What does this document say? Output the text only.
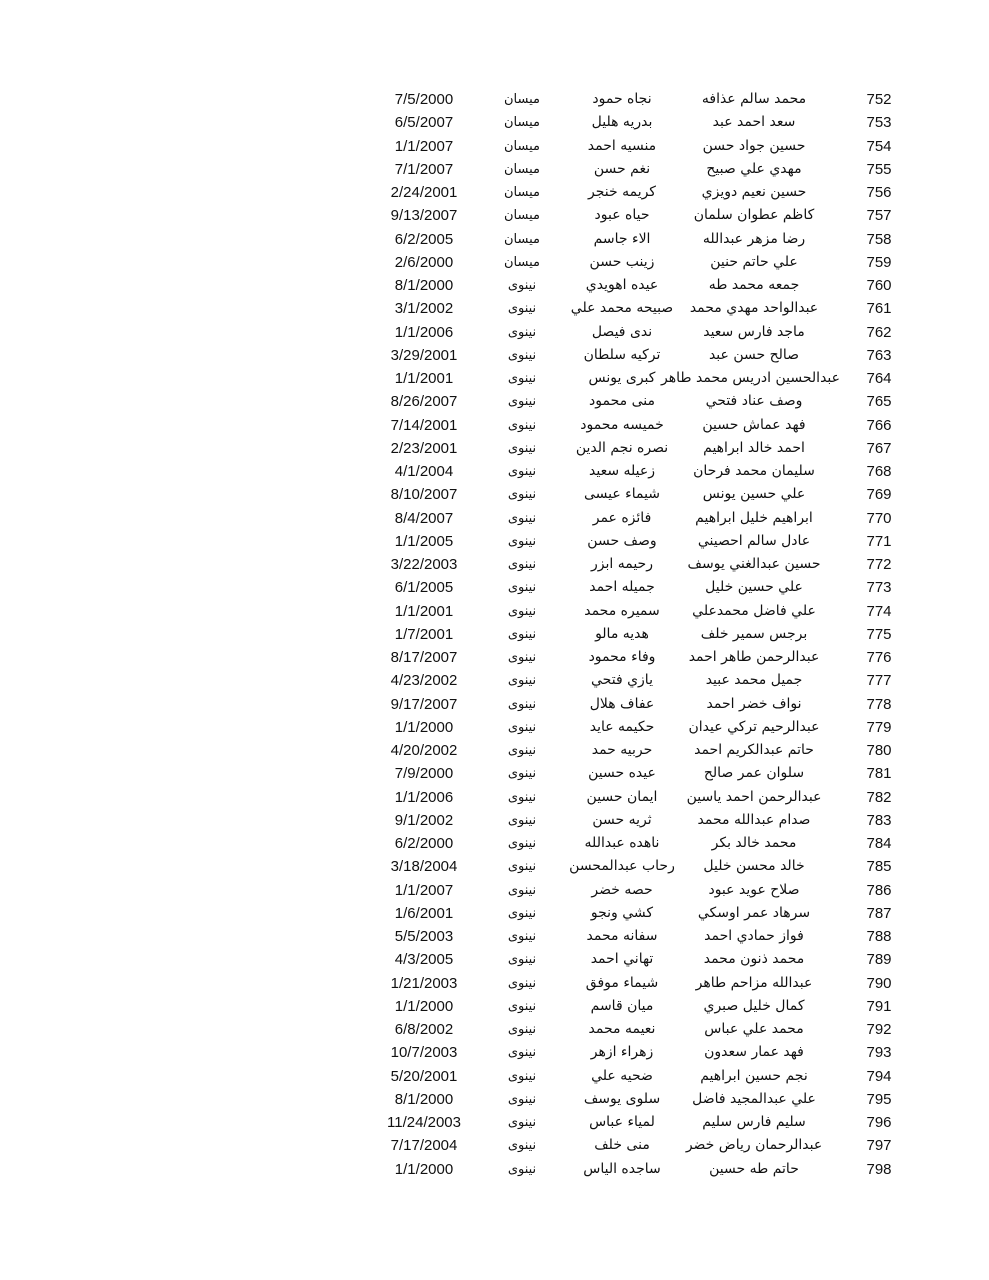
752
محمد سالم عذافه
نجاه حمود
ميسان
7/5/2000
753
سعد احمد عبد
بدريه هليل
ميسان
6/5/2007
754
حسين جواد حسن
منسيه احمد
ميسان
1/1/2007
755
مهدي علي صبيح
نغم حسن
ميسان
7/1/2007
756
حسين نعيم دويزي
كريمه خنجر
ميسان
2/24/2001
757
كاظم عطوان سلمان
حياه عبود
ميسان
9/13/2007
758
رضا مزهر عبدالله
الاء جاسم
ميسان
6/2/2005
759
علي حاتم حنين
زينب حسن
ميسان
2/6/2000
760
جمعه محمد طه
عيده اهويدي
نينوى
8/1/2000
761
عبدالواحد مهدي محمد
صبيحه محمد علي
نينوى
3/1/2002
762
ماجد فارس سعيد
ندى فيصل
نينوى
1/1/2006
763
صالح حسن عبد
تركيه سلطان
نينوى
3/29/2001
764
عبدالحسين ادريس محمد طاهر
كبرى يونس
نينوى
1/1/2001
765
وصف عناد فتحي
منى محمود
نينوى
8/26/2007
766
فهد عماش حسين
خميسه محمود
نينوى
7/14/2001
767
احمد خالد ابراهيم
نصره نجم الدين
نينوى
2/23/2001
768
سليمان محمد فرحان
زعيله سعيد
نينوى
4/1/2004
769
علي حسين يونس
شيماء عيسى
نينوى
8/10/2007
770
ابراهيم خليل ابراهيم
فائزه عمر
نينوى
8/4/2007
771
عادل سالم احصيني
وصف حسن
نينوى
1/1/2005
772
حسين عبدالغني يوسف
رحيمه ابزر
نينوى
3/22/2003
773
علي حسين خليل
جميله احمد
نينوى
6/1/2005
774
علي فاضل محمدعلي
سميره محمد
نينوى
1/1/2001
775
برجس سمير خلف
هديه مالو
نينوى
1/7/2001
776
عبدالرحمن طاهر احمد
وفاء محمود
نينوى
8/17/2007
777
جميل محمد عبيد
يازي فتحي
نينوى
4/23/2002
778
نواف خضر احمد
عفاف هلال
نينوى
9/17/2007
779
عبدالرحيم تركي عيدان
حكيمه عايد
نينوى
1/1/2000
780
حاتم عبدالكريم احمد
حربيه حمد
نينوى
4/20/2002
781
سلوان عمر صالح
عيده حسين
نينوى
7/9/2000
782
عبدالرحمن احمد ياسين
ايمان حسين
نينوى
1/1/2006
783
صدام عبدالله محمد
ثريه حسن
نينوى
9/1/2002
784
محمد خالد بكر
ناهده عبدالله
نينوى
6/2/2000
785
خالد محسن خليل
رحاب عبدالمحسن
نينوى
3/18/2004
786
صلاح عويد عبود
حصه خضر
نينوى
1/1/2007
787
سرهاد عمر اوسكي
كشي ونجو
نينوى
1/6/2001
788
فواز حمادي احمد
سفانه محمد
نينوى
5/5/2003
789
محمد ذنون محمد
تهاني احمد
نينوى
4/3/2005
790
عبدالله مزاحم طاهر
شيماء موفق
نينوى
1/21/2003
791
كمال خليل صبري
ميان قاسم
نينوى
1/1/2000
792
محمد علي عباس
نعيمه محمد
نينوى
6/8/2002
793
فهد عمار سعدون
زهراء ازهر
نينوى
10/7/2003
794
نجم حسين ابراهيم
ضحيه علي
نينوى
5/20/2001
795
علي عبدالمجيد فاضل
سلوى يوسف
نينوى
8/1/2000
796
سليم فارس سليم
لمياء عباس
نينوى
11/24/2003
797
عبدالرحمان رياض خضر
منى خلف
نينوى
7/17/2004
798
حاتم طه حسين
ساجده الياس
نينوى
1/1/2000
